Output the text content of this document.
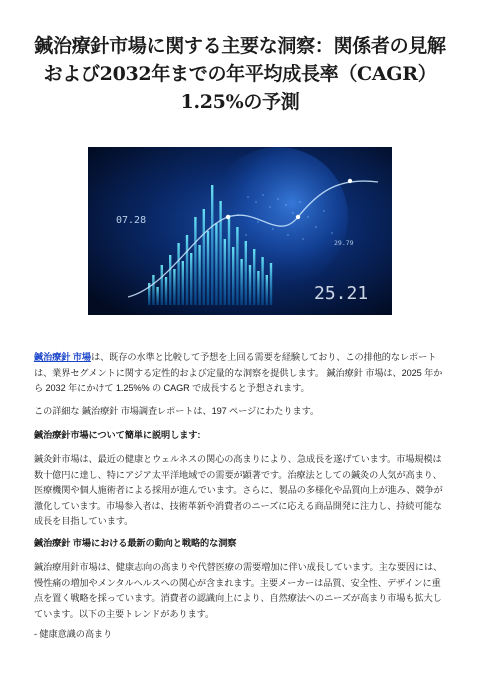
鍼治療針市場に関する主要な洞察：関係者の見解および2032年までの年平均成長率（CAGR）1.25%の予測
07.28
29.79
25.21

鍼治療針 市場は、既存の水準と比較して予想を上回る需要を経験しており、この排他的なレポートは、業界セグメントに関する定性的および定量的な洞察を提供します。 鍼治療針 市場は、2025 年から 2032 年にかけて 1.25%% の CAGR で成長すると予想されます。

この詳細な 鍼治療針 市場調査レポートは、197 ページにわたります。

鍼治療針市場について簡単に説明します:

鍼灸針市場は、最近の健康とウェルネスの関心の高まりにより、急成長を遂げています。市場規模は数十億円に達し、特にアジア太平洋地域での需要が顕著です。治療法としての鍼灸の人気が高まり、医療機関や個人施術者による採用が進んでいます。さらに、製品の多様化や品質向上が進み、競争が激化しています。市場参入者は、技術革新や消費者のニーズに応える商品開発に注力し、持続可能な成長を目指しています。

鍼治療針 市場における最新の動向と戦略的な洞察

鍼治療用針市場は、健康志向の高まりや代替医療の需要増加に伴い成長しています。主な要因には、慢性痛の増加やメンタルヘルスへの関心が含まれます。主要メーカーは品質、安全性、デザインに重点を置く戦略を採っています。消費者の認識向上により、自然療法へのニーズが高まり市場も拡大しています。以下の主要トレンドがあります。

- 健康意識の高まり
